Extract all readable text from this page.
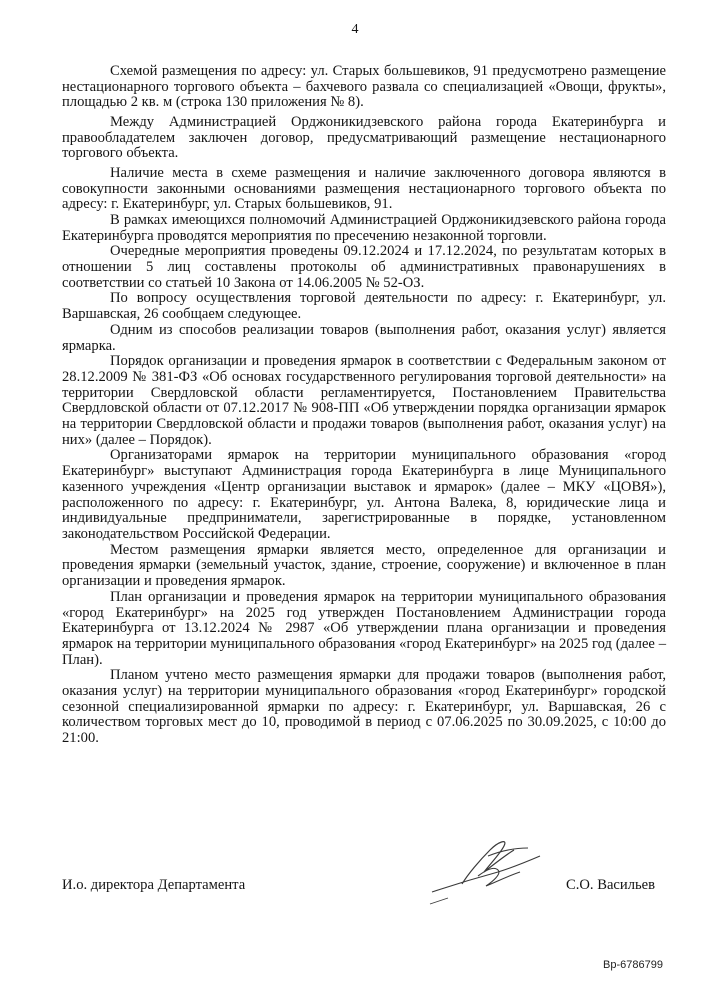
4

Схемой размещения по адресу: ул. Старых большевиков, 91 предусмотрено размещение нестационарного торгового объекта – бахчевого развала со специализацией «Овощи, фрукты», площадью 2 кв. м (строка 130 приложения № 8).

Между Администрацией Орджоникидзевского района города Екатеринбурга и правообладателем заключен договор, предусматривающий размещение нестационарного торгового объекта.

Наличие места в схеме размещения и наличие заключенного договора являются в совокупности законными основаниями размещения нестационарного торгового объекта по адресу: г. Екатеринбург, ул. Старых большевиков, 91.

В рамках имеющихся полномочий Администрацией Орджоникидзевского района города Екатеринбурга проводятся мероприятия по пресечению незаконной торговли.

Очередные мероприятия проведены 09.12.2024 и 17.12.2024, по результатам которых в отношении 5 лиц составлены протоколы об административных правонарушениях в соответствии со статьей 10 Закона от 14.06.2005 № 52-ОЗ.

По вопросу осуществления торговой деятельности по адресу: г. Екатеринбург, ул. Варшавская, 26 сообщаем следующее.

Одним из способов реализации товаров (выполнения работ, оказания услуг) является ярмарка.

Порядок организации и проведения ярмарок в соответствии с Федеральным законом от 28.12.2009 № 381-ФЗ «Об основах государственного регулирования торговой деятельности» на территории Свердловской области регламентируется, Постановлением Правительства Свердловской области от 07.12.2017 № 908-ПП «Об утверждении порядка организации ярмарок на территории Свердловской области и продажи товаров (выполнения работ, оказания услуг) на них» (далее – Порядок).

Организаторами ярмарок на территории муниципального образования «город Екатеринбург» выступают Администрация города Екатеринбурга в лице Муниципального казенного учреждения «Центр организации выставок и ярмарок» (далее – МКУ «ЦОВЯ»), расположенного по адресу: г. Екатеринбург, ул. Антона Валека, 8, юридические лица и индивидуальные предприниматели, зарегистрированные в порядке, установленном законодательством Российской Федерации.

Местом размещения ярмарки является место, определенное для организации и проведения ярмарки (земельный участок, здание, строение, сооружение) и включенное в план организации и проведения ярмарок.

План организации и проведения ярмарок на территории муниципального образования «город Екатеринбург» на 2025 год утвержден Постановлением Администрации города Екатеринбурга от 13.12.2024 № 2987 «Об утверждении плана организации и проведения ярмарок на территории муниципального образования «город Екатеринбург» на 2025 год (далее – План).

Планом учтено место размещения ярмарки для продажи товаров (выполнения работ, оказания услуг) на территории муниципального образования «город Екатеринбург» городской сезонной специализированной ярмарки по адресу: г. Екатеринбург, ул. Варшавская, 26 с количеством торговых мест до 10, проводимой в период с 07.06.2025 по 30.09.2025, с 10:00 до 21:00.

И.о. директора Департамента	С.О. Васильев
Вр-6786799
